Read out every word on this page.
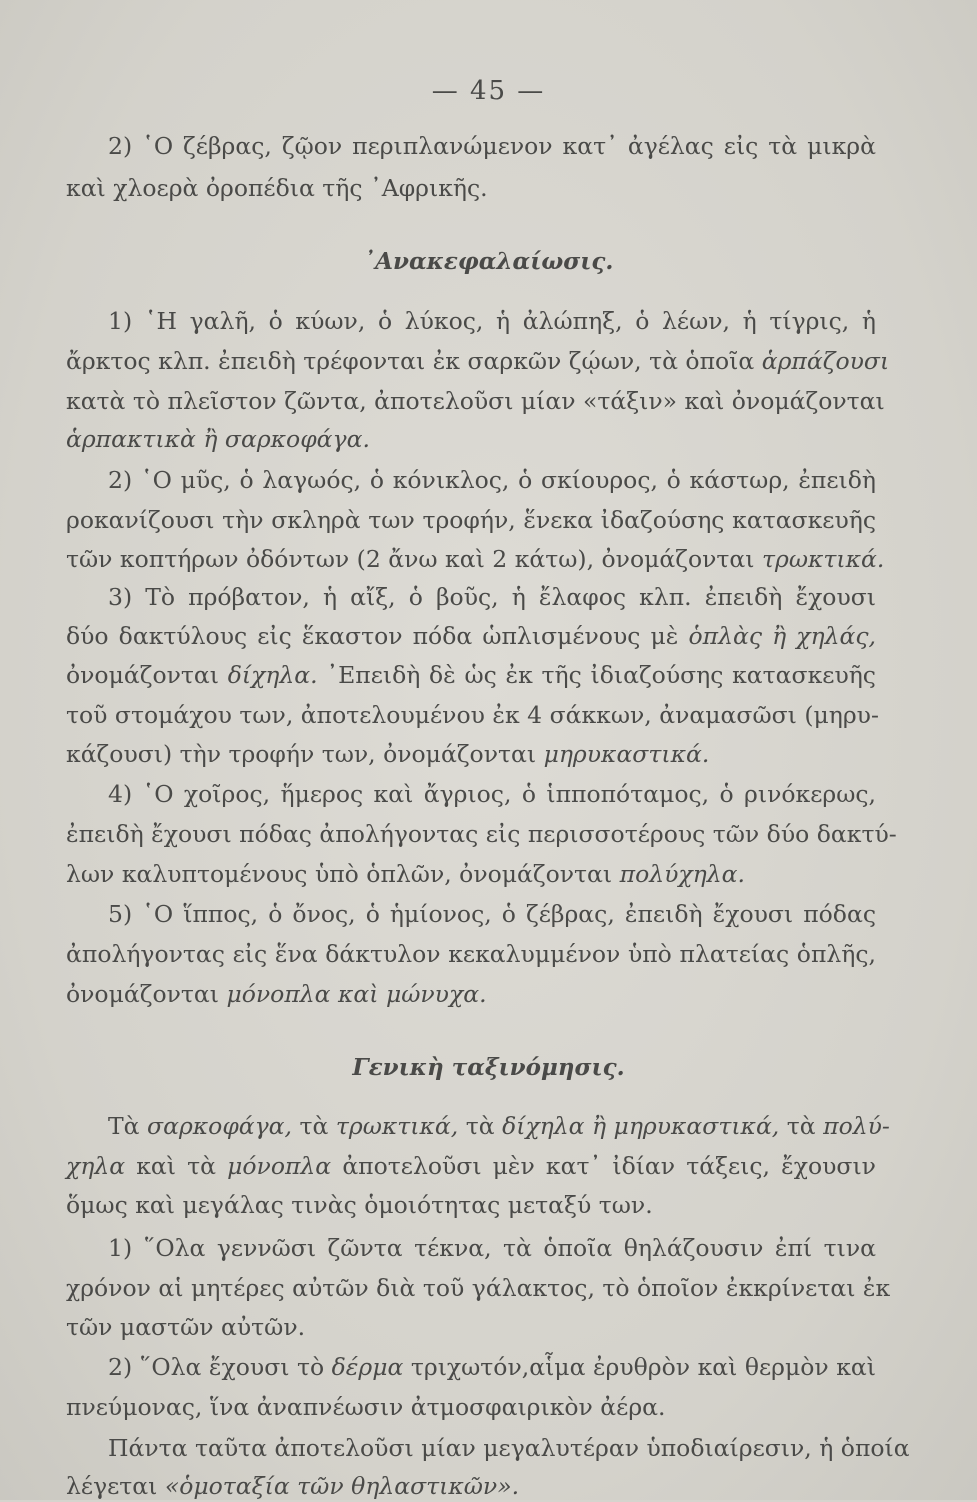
— 45 —
2) ῾Ο ζέβρας, ζῷον περιπλανώμενον κατ᾽ ἀγέλας εἰς τὰ μικρὰ
καὶ χλοερὰ ὀροπέδια τῆς ᾽Αφρικῆς.
᾽Ανακεφαλαίωσις.
1) ῾Η γαλῆ, ὁ κύων, ὁ λύκος, ἡ ἀλώπηξ, ὁ λέων, ἡ τίγρις, ἡ
ἄρκτος κλπ. ἐπειδὴ τρέφονται ἐκ σαρκῶν ζῴων, τὰ ὁποῖα ἁρπάζουσι
κατὰ τὸ πλεῖστον ζῶντα, ἀποτελοῦσι μίαν «τάξιν» καὶ ὀνομάζονται
ἁρπακτικὰ ἢ σαρκοφάγα.
2) ῾Ο μῦς, ὁ λαγωός, ὁ κόνικλος, ὁ σκίουρος, ὁ κάστωρ, ἐπειδὴ
ροκανίζουσι τὴν σκληρὰ των τροφήν, ἕνεκα ἰδαζούσης κατασκευῆς
τῶν κοπτήρων ὀδόντων (2 ἄνω καὶ 2 κάτω), ὀνομάζονται τρωκτικά.
3) Τὸ πρόβατον, ἡ αἴξ, ὁ βοῦς, ἡ ἔλαφος κλπ. ἐπειδὴ ἔχουσι
δύο δακτύλους εἰς ἕκαστον πόδα ὡπλισμένους μὲ ὁπλὰς ἢ χηλάς,
ὀνομάζονται δίχηλα. ᾽Επειδὴ δὲ ὡς ἐκ τῆς ἰδιαζούσης κατασκευῆς
τοῦ στομάχου των, ἀποτελουμένου ἐκ 4 σάκκων, ἀναμασῶσι (μηρυ-
κάζουσι) τὴν τροφήν των, ὀνομάζονται μηρυκαστικά.
4) ῾Ο χοῖρος, ἥμερος καὶ ἄγριος, ὁ ἱπποπόταμος, ὁ ρινόκερως,
ἐπειδὴ ἔχουσι πόδας ἀπολήγοντας εἰς περισσοτέρους τῶν δύο δακτύ-
λων καλυπτομένους ὑπὸ ὁπλῶν, ὀνομάζονται πολύχηλα.
5) ῾Ο ἵππος, ὁ ὄνος, ὁ ἡμίονος, ὁ ζέβρας, ἐπειδὴ ἔχουσι πόδας
ἀπολήγοντας εἰς ἕνα δάκτυλον κεκαλυμμένον ὑπὸ πλατείας ὁπλῆς,
ὀνομάζονται μόνοπλα καὶ μώνυχα.
Γενικὴ ταξινόμησις.
Τὰ σαρκοφάγα, τὰ τρωκτικά, τὰ δίχηλα ἢ μηρυκαστικά, τὰ πολύ-
χηλα καὶ τὰ μόνοπλα ἀποτελοῦσι μὲν κατ᾽ ἰδίαν τάξεις, ἔχουσιν
ὅμως καὶ μεγάλας τινὰς ὁμοιότητας μεταξύ των.
1) ῞Ολα γεννῶσι ζῶντα τέκνα, τὰ ὁποῖα θηλάζουσιν ἐπί τινα
χρόνον αἱ μητέρες αὐτῶν διὰ τοῦ γάλακτος, τὸ ὁποῖον ἐκκρίνεται ἐκ
τῶν μαστῶν αὐτῶν.
2) ῞Ολα ἔχουσι τὸ δέρμα τριχωτόν,αἷμα ἐρυθρὸν καὶ θερμὸν καὶ
πνεύμονας, ἵνα ἀναπνέωσιν ἀτμοσφαιρικὸν ἀέρα.
Πάντα ταῦτα ἀποτελοῦσι μίαν μεγαλυτέραν ὑποδιαίρεσιν, ἡ ὁποία
λέγεται «ὁμοταξία τῶν θηλαστικῶν».
